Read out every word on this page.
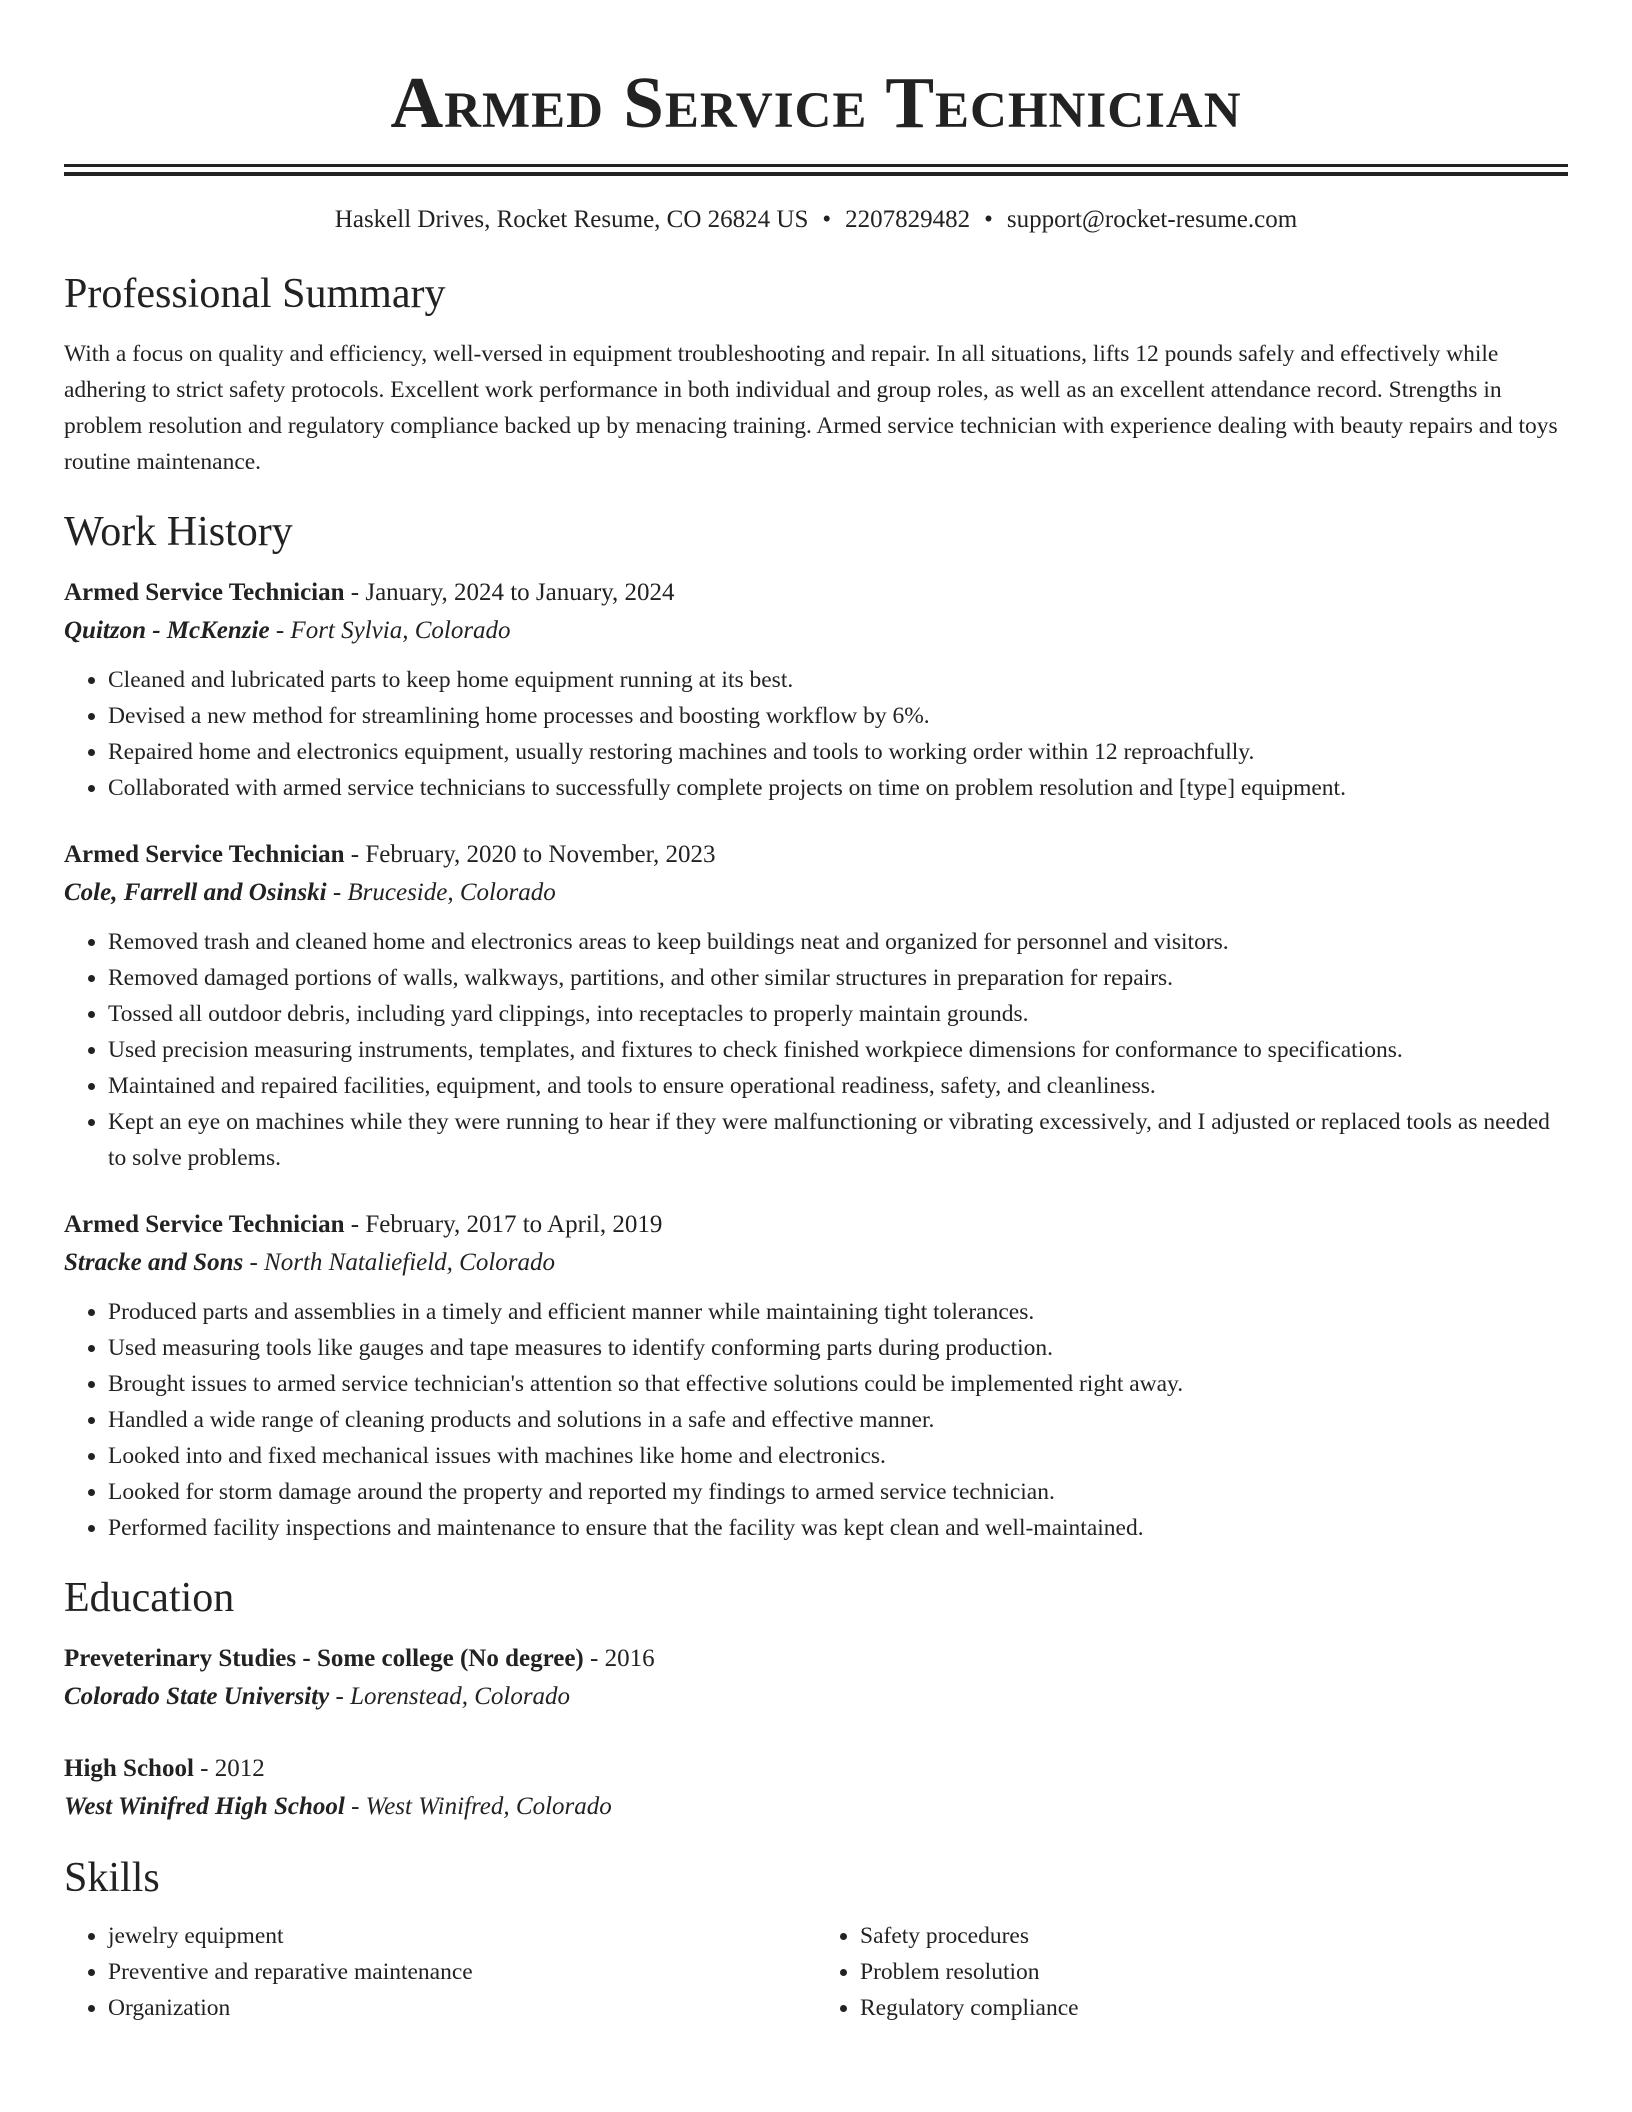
Armed Service Technician
Haskell Drives, Rocket Resume, CO 26824 US • 2207829482 • support@rocket-resume.com
Professional Summary

With a focus on quality and efficiency, well-versed in equipment troubleshooting and repair. In all situations, lifts 12 pounds safely and effectively while adhering to strict safety protocols. Excellent work performance in both individual and group roles, as well as an excellent attendance record. Strengths in problem resolution and regulatory compliance backed up by menacing training. Armed service technician with experience dealing with beauty repairs and toys routine maintenance.

Work History
Armed Service Technician - January, 2024 to January, 2024
Quitzon - McKenzie - Fort Sylvia, Colorado
• Cleaned and lubricated parts to keep home equipment running at its best.
• Devised a new method for streamlining home processes and boosting workflow by 6%.
• Repaired home and electronics equipment, usually restoring machines and tools to working order within 12 reproachfully.
• Collaborated with armed service technicians to successfully complete projects on time on problem resolution and [type] equipment.
Armed Service Technician - February, 2020 to November, 2023
Cole, Farrell and Osinski - Bruceside, Colorado
• Removed trash and cleaned home and electronics areas to keep buildings neat and organized for personnel and visitors.
• Removed damaged portions of walls, walkways, partitions, and other similar structures in preparation for repairs.
• Tossed all outdoor debris, including yard clippings, into receptacles to properly maintain grounds.
• Used precision measuring instruments, templates, and fixtures to check finished workpiece dimensions for conformance to specifications.
• Maintained and repaired facilities, equipment, and tools to ensure operational readiness, safety, and cleanliness.
• Kept an eye on machines while they were running to hear if they were malfunctioning or vibrating excessively, and I adjusted or replaced tools as needed to solve problems.
Armed Service Technician - February, 2017 to April, 2019
Stracke and Sons - North Nataliefield, Colorado
• Produced parts and assemblies in a timely and efficient manner while maintaining tight tolerances.
• Used measuring tools like gauges and tape measures to identify conforming parts during production.
• Brought issues to armed service technician's attention so that effective solutions could be implemented right away.
• Handled a wide range of cleaning products and solutions in a safe and effective manner.
• Looked into and fixed mechanical issues with machines like home and electronics.
• Looked for storm damage around the property and reported my findings to armed service technician.
• Performed facility inspections and maintenance to ensure that the facility was kept clean and well-maintained.
Education
Preveterinary Studies - Some college (No degree) - 2016
Colorado State University - Lorenstead, Colorado
High School - 2012
West Winifred High School - West Winifred, Colorado
Skills
• jewelry equipment
• Preventive and reparative maintenance
• Organization
• Safety procedures
• Problem resolution
• Regulatory compliance
